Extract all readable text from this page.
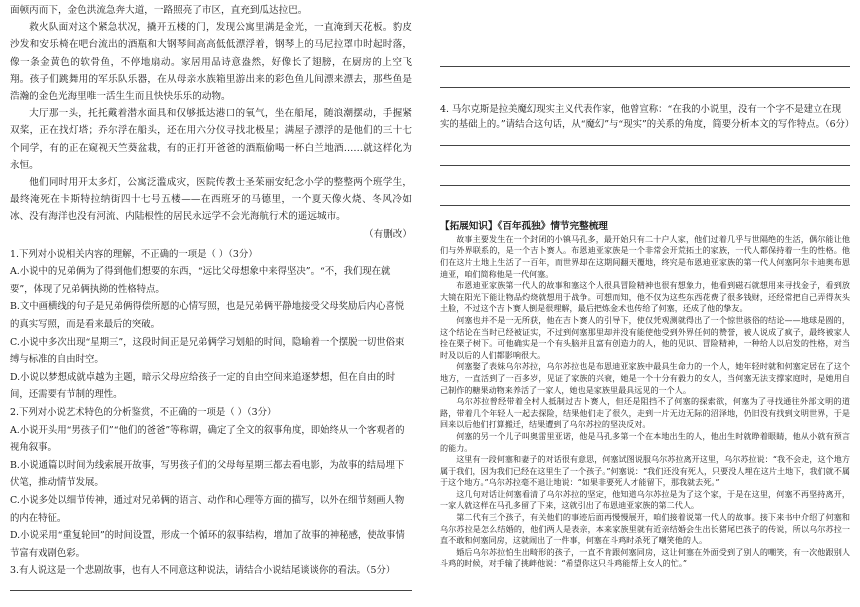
面顿丙而下，金色洪流急奔大道，一路照亮了市区，直充到瓜达拉巴。

救火队面对这个紧急状况，撬开五楼的门，发现公寓里满是金光，一直淹到天花板。豹皮沙发和安乐椅在吧台流出的酒瓶和大钢琴间高高低低漂浮着，钢琴上的马尼拉罩巾时起时落，像一条金黄色的软骨鱼，不停地扇动。家居用品诗意盎然，好像长了翅膀，在厨房的上空飞翔。孩子们跳舞用的军乐队乐器，在从母亲水族箱里游出来的彩色鱼儿间漂来漂去，那些鱼是浩瀚的金色光海里唯一活生生而且快快乐乐的动物。

大厅那一头，托托戴着潜水面具和仅够抵达港口的氧气，坐在船尾，随浪潮摆动，手握紧双桨，正在找灯塔；乔尔浮在船头，还在用六分仪寻找北极星；满屋子漂浮的是他们的三十七个同学，有的正在窥视天竺葵盆栽，有的正打开爸爸的酒瓶偷喝一杯白兰地酒……就这样化为永恒。

他们同时用开太多灯，公寓泛滥成灾，医院传教士圣茱丽安纪念小学的整整两个班学生，最终淹死在卡斯特拉纳街四十七号五楼——在西班牙的马德里，一个夏天像火烧、冬风冷如冰、没有海洋也没有河流、内陆根性的居民永远学不会光海航行术的遥远城市。

（有删改）

1.下列对小说相关内容的理解，不正确的一项是（ ）（3分）

A.小说中的兄弟俩为了得到他们想要的东西，“远比父母想象中来得坚决”。“不，我们现在就要”，体现了兄弟俩执拗的性格特点。

B.文中画横线的句子是兄弟俩得偿所愿的心情写照，也是兄弟俩平静地接受父母奖励后内心喜悦的真实写照，而是看来最后的突破。

C.小说中多次出现“星期三”，这段时间正是兄弟俩学习划船的时间，隐喻着一个摆脱一切世俗束缚与标准的自由时空。

D.小说以梦想成就卓越为主题，暗示父母应给孩子一定的自由空间来追逐梦想，但在自由的时间，还需要有节制的理性。

2.下列对小说艺术特色的分析鉴赏，不正确的一项是（ ）（3分）

A.小说开头用“男孩子们”“他们的爸爸”等称谓，确定了全文的叙事角度，即始终从一个客观者的视角叙事。

B.小说通篇以时间为线索展开故事，写男孩子们的父母每星期三都去看电影，为故事的结局埋下伏笔，推动情节发展。

C.小说多处以细节传神，通过对兄弟俩的语言、动作和心理等方面的描写，以外在细节刻画人物的内在特征。

D.小说采用“重复轮回”的时间设置，形成一个循环的叙事结构，增加了故事的神秘感，使故事情节富有戏剧色彩。

3.有人说这是一个悲剧故事，也有人不同意这种说法，请结合小说结尾谈谈你的看法。（5分）

4. 马尔克斯是拉美魔幻现实主义代表作家，他曾宣称：“在我的小说里，没有一个字不是建立在现实的基础上的。”请结合这句话，从“魔幻”与“现实”的关系的角度，简要分析本文的写作特点。（6分）

【拓展知识】《百年孤独》情节完整梳理

故事主要发生在一个封闭的小镇马孔多，最开始只有二十户人家，他们过着几乎与世隔绝的生活，偶尔能让他们与外界联系的，是一个吉卜赛人。布恩迪亚家族是一个非常会开荒拓土的家族，一代人都保持着一生的性格。他们在这片土地上生活了一百年，而世界却在这期间翻天覆地，终究是布恩迪亚家族的第一代人何塞阿尔卡迪奥布恩迪亚，咱们简称他是一代何塞。

布恩迪亚家族第一代人的故事和塞这个人很具冒险精神也很有想象力，他看到磁石就想用来寻找金子，看到放大镜在阳光下能让物品灼烧就想用于战争。可想而知，他不仅为这些东西花费了很多钱财，还经常把自己弄得灰头土脸，不过这个吉卜赛人倒是很理解，最后把炼金术也传给了何塞，还成了他的挚友。

何塞也并不是一无所获，他在吉卜赛人的引导下，使仅凭观测就得出了一个惊世骇俗的结论——地球是圆的，这个结论在当时已经被证实，不过到何塞那里却并没有能使他受到外界任何的赞誉，被人说成了疯子，最终被家人拴在栗子树下。可他确实是一个有头脑并且富有创造力的人，他的见识、冒险精神，一种给人以启发的性格，对当时及以后的人们都影响很大。

何塞娶了表妹乌尔苏拉，乌尔苏拉也是布恩迪亚家族中最具生命力的一个人，她年轻时就和何塞定居在了这个地方，一直活到了一百多岁，见证了家族的兴衰，她是一个十分有毅力的女人，当何塞无法支撑家庭时，是她用自己制作的糖果动物来养活了一家人，她也是家族里最具远见的一个人。

乌尔苏拉曾经带着全村人抵制过吉卜赛人，但还是阻挡不了何塞的探索欲，何塞为了寻找通往外部文明的道路，带着几个年轻人一起去探险，结果他们走了很久，走到一片无边无际的沼泽地，仍旧没有找到文明世界，于是回来以后他们打算搬迁，结果遭到了乌尔苏拉的坚决反对。

何塞的另一个儿子叫奥雷里亚诺，他是马孔多第一个在本地出生的人，他出生时就睁着眼睛，他从小就有预言的能力。

这里有一段何塞和妻子的对话很有意思，何塞试图说服乌尔苏拉离开这里，乌尔苏拉说：“我不会走，这个地方属于我们，因为我们已经在这里生了一个孩子。”何塞说：“我们还没有死人，只要没人埋在这片土地下，我们就不属于这个地方。”乌尔苏拉毫不退让地说：“如果非要死人才能留下，那我就去死。”

这几句对话让何塞看清了乌尔苏拉的坚定，他知道乌尔苏拉是为了这个家，于是在这里，何塞不再坚持离开，一家人就这样在马孔多留了下来，这就引出了布恩迪亚家族的第二代人。

第二代有三个孩子，有关他们的事迹后面再慢慢展开，咱们接着说第一代人的故事。接下来书中介绍了何塞和乌尔苏拉是怎么结婚的，他们两人是表亲，本来家族里就有近亲结婚会生出长猪尾巴孩子的传说，所以乌尔苏拉一直不敢和何塞同房，这就闹出了一件事，何塞在斗鸡时杀死了嘲笑他的人。

婚后乌尔苏拉怕生出畸形的孩子，一直不肯跟何塞同房，这让何塞在外面受到了别人的嘲笑，有一次他跟别人斗鸡的时候，对手输了挑衅他说：“希望你这只斗鸡能帮上女人的忙。”
